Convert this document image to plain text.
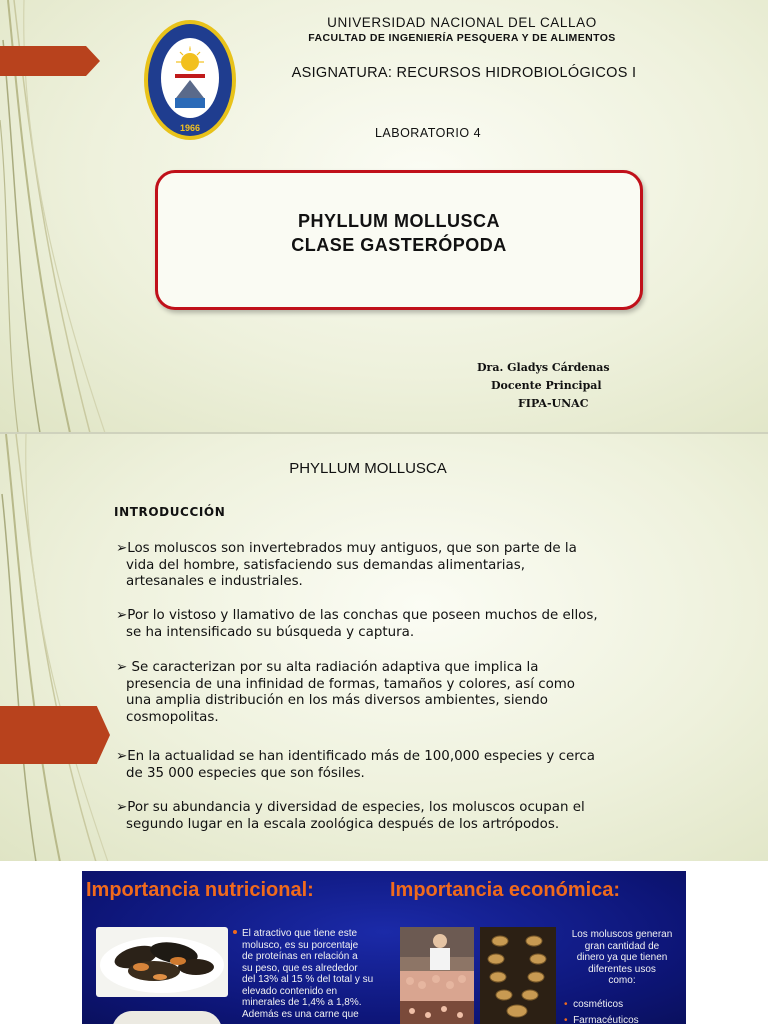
1966
UNIVERSIDAD NACIONAL DEL CALLAO
FACULTAD DE INGENIERÍA PESQUERA Y DE ALIMENTOS
ASIGNATURA: RECURSOS HIDROBIOLÓGICOS I
LABORATORIO 4
PHYLLUM MOLLUSCA
CLASE GASTERÓPODA
Dra. Gladys Cárdenas
Docente Principal
FIPA-UNAC
PHYLLUM MOLLUSCA
INTRODUCCIÓN
➢Los moluscos son invertebrados muy antiguos, que son parte de la
vida del hombre, satisfaciendo sus demandas alimentarias,
artesanales e industriales.
➢Por lo vistoso y llamativo de las conchas que poseen muchos de ellos,
se ha intensificado su búsqueda y captura.
➢ Se caracterizan por su alta radiación adaptiva que implica la
presencia de una infinidad de formas, tamaños y colores, así como
una amplia distribución en los más diversos ambientes, siendo
cosmopolitas.
➢En la actualidad se han identificado más de 100,000 especies y cerca
de 35 000 especies que son fósiles.
➢Por su abundancia y diversidad de especies, los moluscos ocupan el
segundo lugar en la escala zoológica después de los artrópodos.
Importancia nutricional:	Importancia económica:
El atractivo que tiene este
molusco, es su porcentaje
de proteínas en relación a
su peso, que es alrededor
del 13% al 15 % del total y su
elevado contenido en
minerales de 1,4% a 1,8%.
Además es una carne que
Los moluscos generan
gran cantidad de
dinero ya que tienen
diferentes usos
como:
• cosméticos
• Farmacéuticos
